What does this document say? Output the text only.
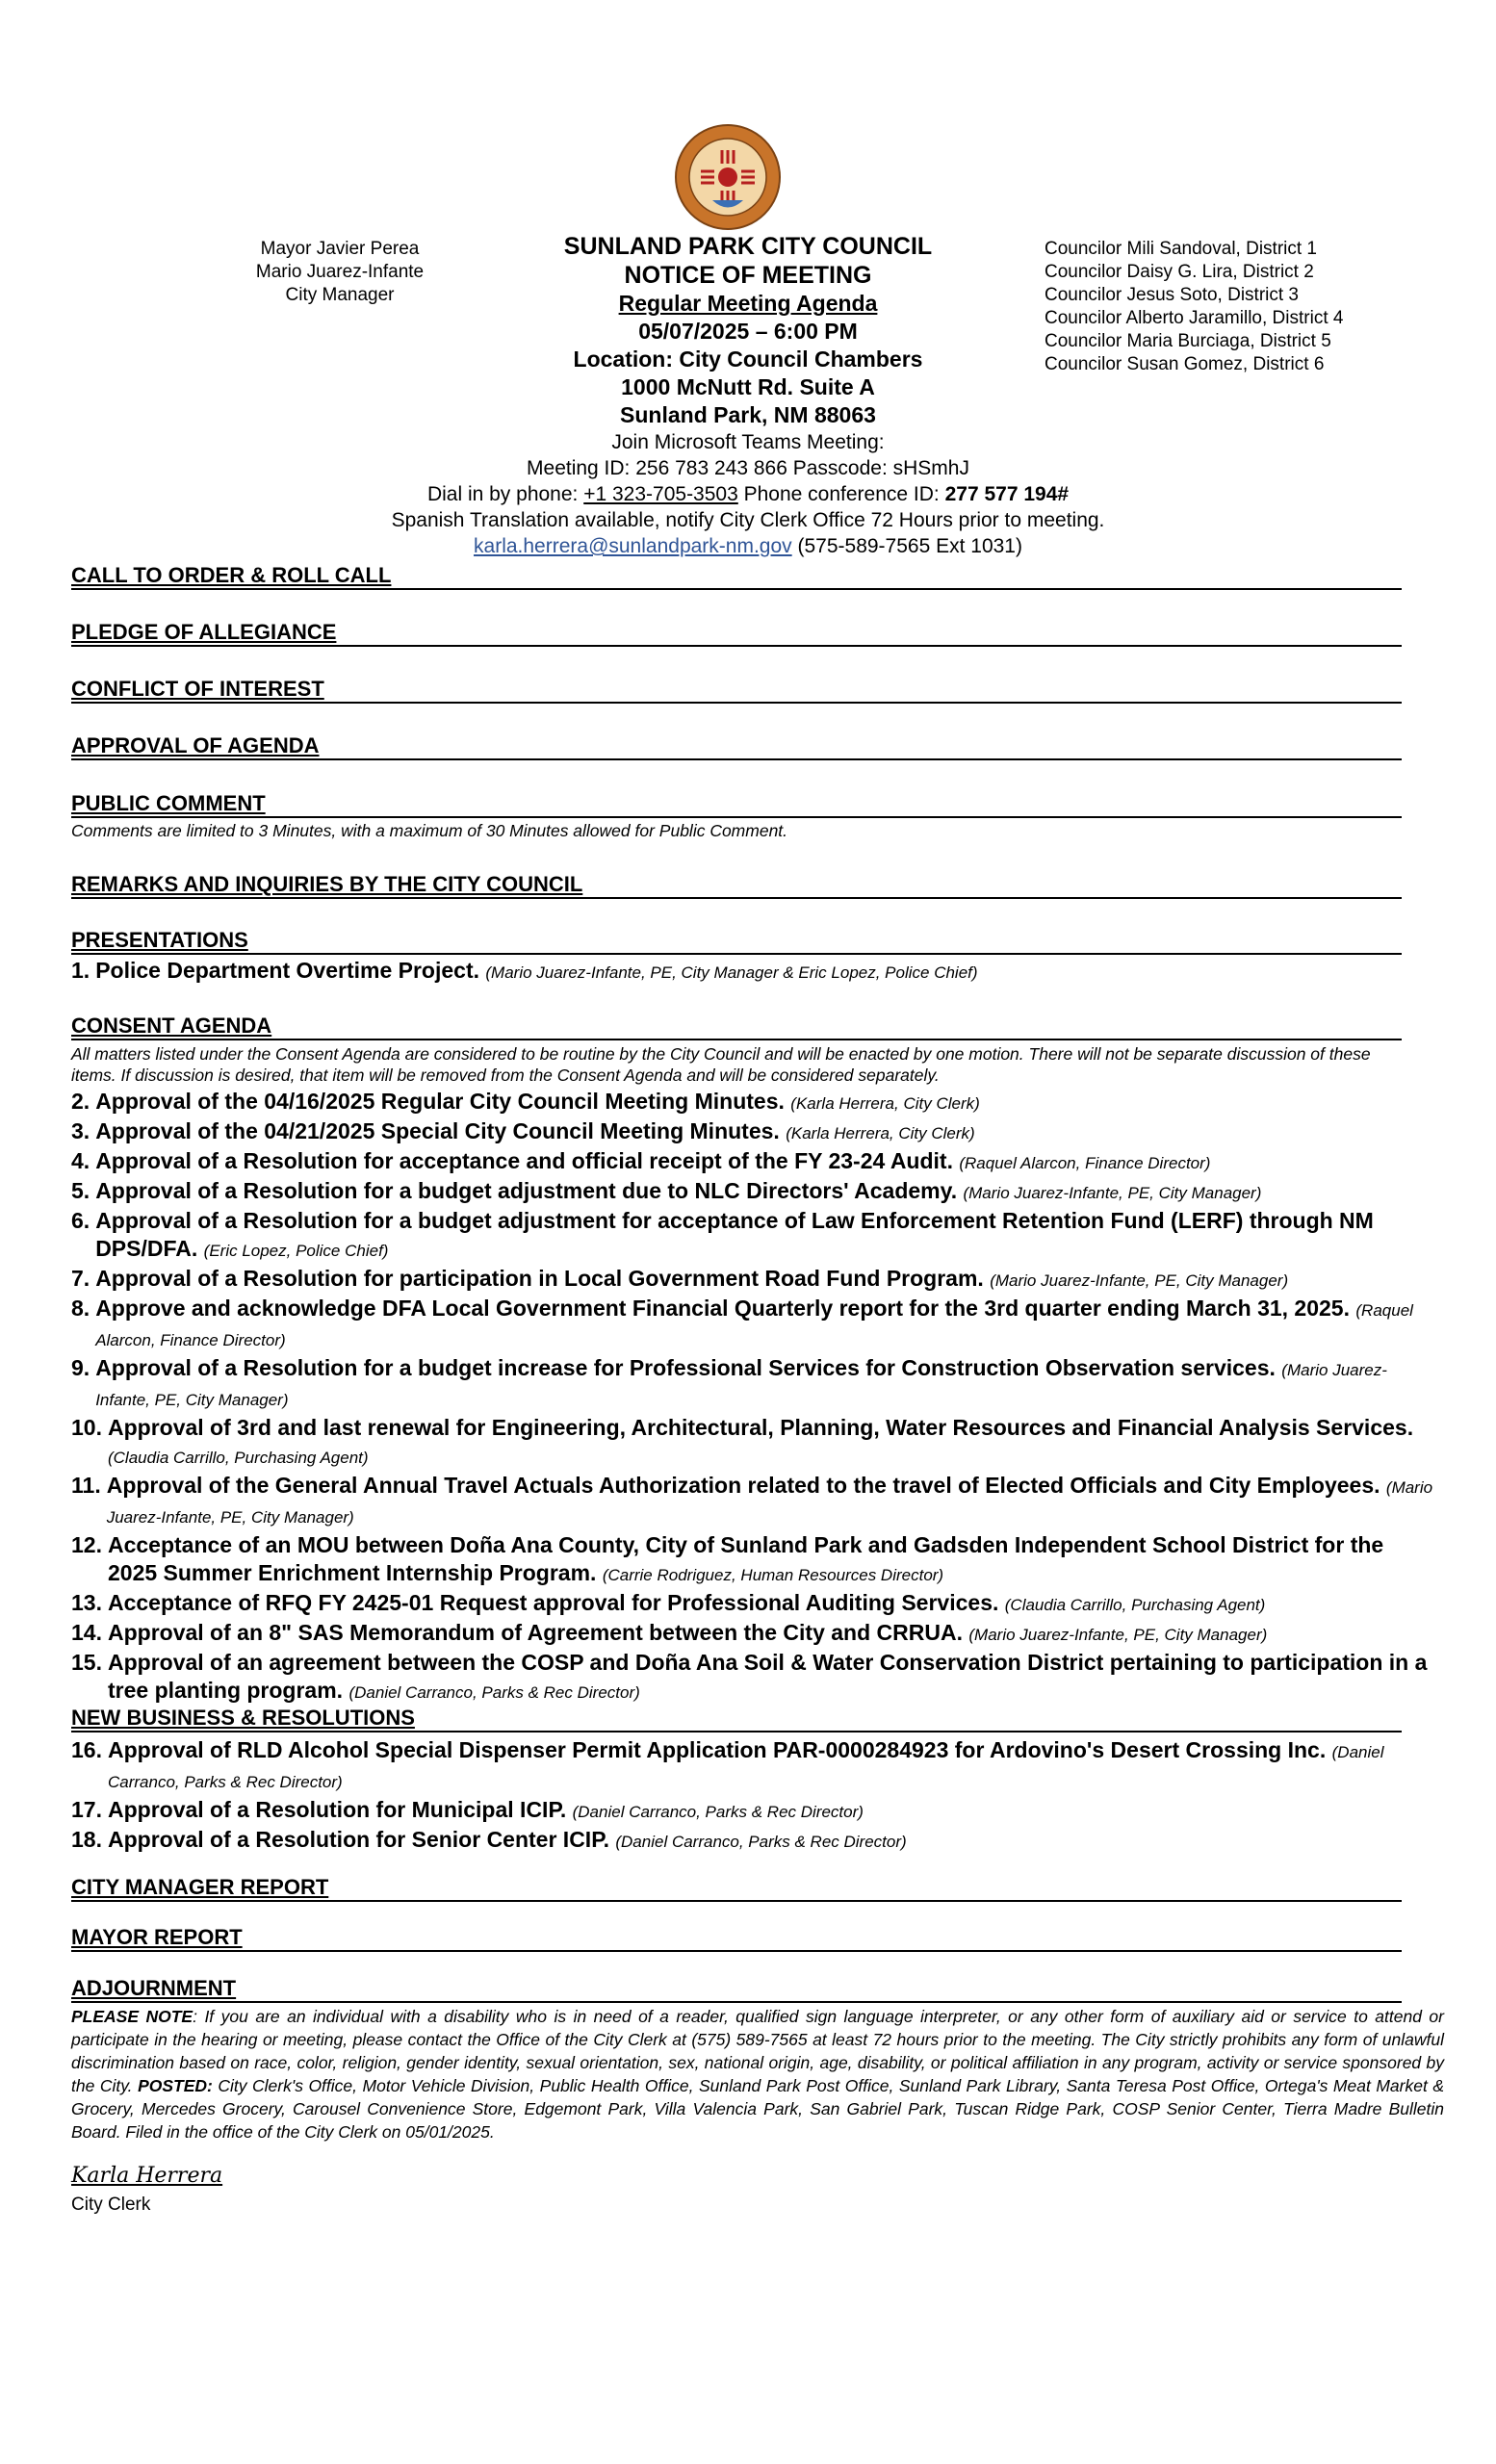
Mayor Javier Perea
Mario Juarez-Infante
City Manager
Councilor Mili Sandoval, District 1
Councilor Daisy G. Lira, District 2
Councilor Jesus Soto, District 3
Councilor Alberto Jaramillo, District 4
Councilor Maria Burciaga, District 5
Councilor Susan Gomez, District 6
SUNLAND PARK CITY COUNCIL
NOTICE OF MEETING
Regular Meeting Agenda
05/07/2025 – 6:00 PM
Location: City Council Chambers
1000 McNutt Rd. Suite A
Sunland Park, NM 88063
Join Microsoft Teams Meeting:
Meeting ID: 256 783 243 866 Passcode: sHSmhJ
Dial in by phone: +1 323-705-3503 Phone conference ID: 277 577 194#
Spanish Translation available, notify City Clerk Office 72 Hours prior to meeting.
karla.herrera@sunlandpark-nm.gov (575-589-7565 Ext 1031)
CALL TO ORDER & ROLL CALL
PLEDGE OF ALLEGIANCE
CONFLICT OF INTEREST
APPROVAL OF AGENDA
PUBLIC COMMENT
Comments are limited to 3 Minutes, with a maximum of 30 Minutes allowed for Public Comment.
REMARKS AND INQUIRIES BY THE CITY COUNCIL
PRESENTATIONS
1. Police Department Overtime Project. (Mario Juarez-Infante, PE, City Manager & Eric Lopez, Police Chief)
CONSENT AGENDA
All matters listed under the Consent Agenda are considered to be routine by the City Council and will be enacted by one motion. There will not be separate discussion of these items. If discussion is desired, that item will be removed from the Consent Agenda and will be considered separately.
2. Approval of the 04/16/2025 Regular City Council Meeting Minutes. (Karla Herrera, City Clerk)
3. Approval of the 04/21/2025 Special City Council Meeting Minutes. (Karla Herrera, City Clerk)
4. Approval of a Resolution for acceptance and official receipt of the FY 23-24 Audit. (Raquel Alarcon, Finance Director)
5. Approval of a Resolution for a budget adjustment due to NLC Directors' Academy. (Mario Juarez-Infante, PE, City Manager)
6. Approval of a Resolution for a budget adjustment for acceptance of Law Enforcement Retention Fund (LERF) through NM DPS/DFA. (Eric Lopez, Police Chief)
7. Approval of a Resolution for participation in Local Government Road Fund Program. (Mario Juarez-Infante, PE, City Manager)
8. Approve and acknowledge DFA Local Government Financial Quarterly report for the 3rd quarter ending March 31, 2025. (Raquel Alarcon, Finance Director)
9. Approval of a Resolution for a budget increase for Professional Services for Construction Observation services. (Mario Juarez-Infante, PE, City Manager)
10. Approval of 3rd and last renewal for Engineering, Architectural, Planning, Water Resources and Financial Analysis Services. (Claudia Carrillo, Purchasing Agent)
11. Approval of the General Annual Travel Actuals Authorization related to the travel of Elected Officials and City Employees. (Mario Juarez-Infante, PE, City Manager)
12. Acceptance of an MOU between Doña Ana County, City of Sunland Park and Gadsden Independent School District for the 2025 Summer Enrichment Internship Program. (Carrie Rodriguez, Human Resources Director)
13. Acceptance of RFQ FY 2425-01 Request approval for Professional Auditing Services. (Claudia Carrillo, Purchasing Agent)
14. Approval of an 8" SAS Memorandum of Agreement between the City and CRRUA. (Mario Juarez-Infante, PE, City Manager)
15. Approval of an agreement between the COSP and Doña Ana Soil & Water Conservation District pertaining to participation in a tree planting program. (Daniel Carranco, Parks & Rec Director)
NEW BUSINESS & RESOLUTIONS
16. Approval of RLD Alcohol Special Dispenser Permit Application PAR-0000284923 for Ardovino's Desert Crossing Inc. (Daniel Carranco, Parks & Rec Director)
17. Approval of a Resolution for Municipal ICIP. (Daniel Carranco, Parks & Rec Director)
18. Approval of a Resolution for Senior Center ICIP. (Daniel Carranco, Parks & Rec Director)
CITY MANAGER REPORT
MAYOR REPORT
ADJOURNMENT
PLEASE NOTE: If you are an individual with a disability who is in need of a reader, qualified sign language interpreter, or any other form of auxiliary aid or service to attend or participate in the hearing or meeting, please contact the Office of the City Clerk at (575) 589-7565 at least 72 hours prior to the meeting. The City strictly prohibits any form of unlawful discrimination based on race, color, religion, gender identity, sexual orientation, sex, national origin, age, disability, or political affiliation in any program, activity or service sponsored by the City. POSTED: City Clerk's Office, Motor Vehicle Division, Public Health Office, Sunland Park Post Office, Sunland Park Library, Santa Teresa Post Office, Ortega's Meat Market & Grocery, Mercedes Grocery, Carousel Convenience Store, Edgemont Park, Villa Valencia Park, San Gabriel Park, Tuscan Ridge Park, COSP Senior Center, Tierra Madre Bulletin Board. Filed in the office of the City Clerk on 05/01/2025.
Karla Herrera
City Clerk
